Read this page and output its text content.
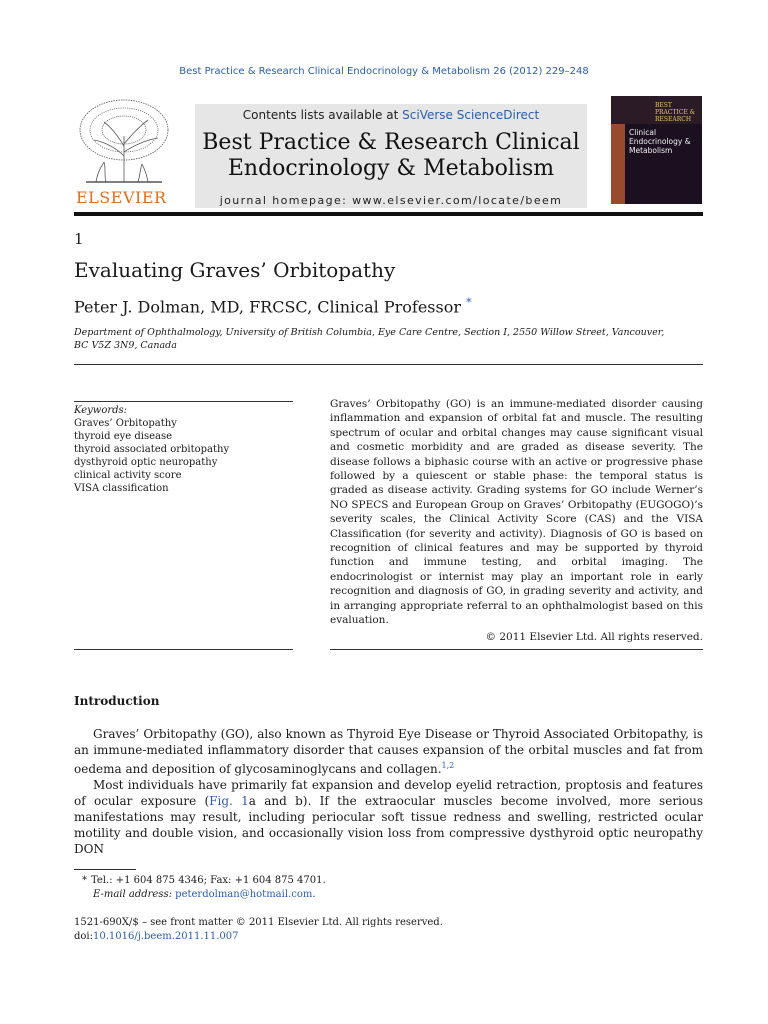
Best Practice & Research Clinical Endocrinology & Metabolism 26 (2012) 229–248
ELSEVIER
Contents lists available at SciVerse ScienceDirect
Best Practice & Research Clinical
Endocrinology & Metabolism
journal homepage: www.elsevier.com/locate/beem
BEST PRACTICE & RESEARCH
Clinical Endocrinology & Metabolism
1
Evaluating Graves’ Orbitopathy
Peter J. Dolman, MD, FRCSC, Clinical Professor *
Department of Ophthalmology, University of British Columbia, Eye Care Centre, Section I, 2550 Willow Street, Vancouver, BC V5Z 3N9, Canada
Keywords:
Graves’ Orbitopathy
thyroid eye disease
thyroid associated orbitopathy
dysthyroid optic neuropathy
clinical activity score
VISA classification
Graves’ Orbitopathy (GO) is an immune-mediated disorder causing inflammation and expansion of orbital fat and muscle. The resulting spectrum of ocular and orbital changes may cause significant visual and cosmetic morbidity and are graded as disease severity. The disease follows a biphasic course with an active or progressive phase followed by a quiescent or stable phase: the temporal status is graded as disease activity. Grading systems for GO include Werner’s NO SPECS and European Group on Graves’ Orbitopathy (EUGOGO)’s severity scales, the Clinical Activity Score (CAS) and the VISA Classification (for severity and activity). Diagnosis of GO is based on recognition of clinical features and may be supported by thyroid function and immune testing, and orbital imaging. The endocrinologist or internist may play an important role in early recognition and diagnosis of GO, in grading severity and activity, and in arranging appropriate referral to an ophthalmologist based on this evaluation.
© 2011 Elsevier Ltd. All rights reserved.
Introduction

Graves’ Orbitopathy (GO), also known as Thyroid Eye Disease or Thyroid Associated Orbitopathy, is an immune-mediated inflammatory disorder that causes expansion of the orbital muscles and fat from oedema and deposition of glycosaminoglycans and collagen.$^{1,2}$

Most individuals have primarily fat expansion and develop eyelid retraction, proptosis and features of ocular exposure (Fig. 1a and b). If the extraocular muscles become involved, more serious manifestations may result, including periocular soft tissue redness and swelling, restricted ocular motility and double vision, and occasionally vision loss from compressive dysthyroid optic neuropathy DON

* Tel.: +1 604 875 4346; Fax: +1 604 875 4701.
E-mail address: peterdolman@hotmail.com.
1521-690X/$ – see front matter © 2011 Elsevier Ltd. All rights reserved.
doi:10.1016/j.beem.2011.11.007
